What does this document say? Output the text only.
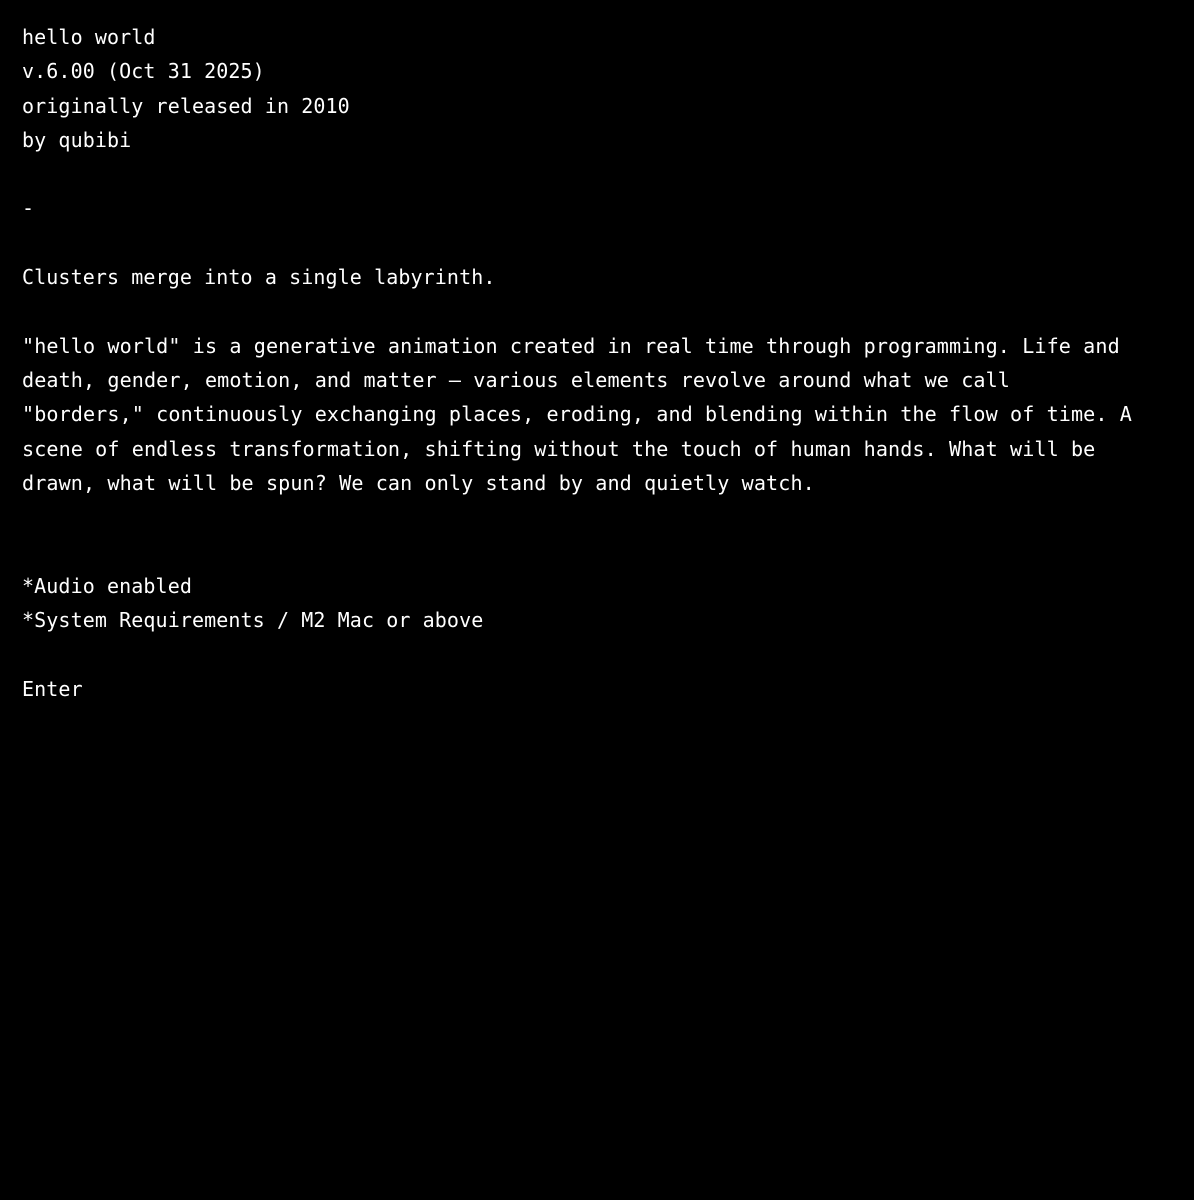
hello world
v.6.00 (Oct 31 2025)
originally released in 2010
by qubibi
-
Clusters merge into a single labyrinth.
"hello world" is a generative animation created in real time through programming. Life and death, gender, emotion, and matter — various elements revolve around what we call "borders," continuously exchanging places, eroding, and blending within the flow of time. A scene of endless transformation, shifting without the touch of human hands. What will be drawn, what will be spun? We can only stand by and quietly watch.
*Audio enabled
*System Requirements / M2 Mac or above
Enter
